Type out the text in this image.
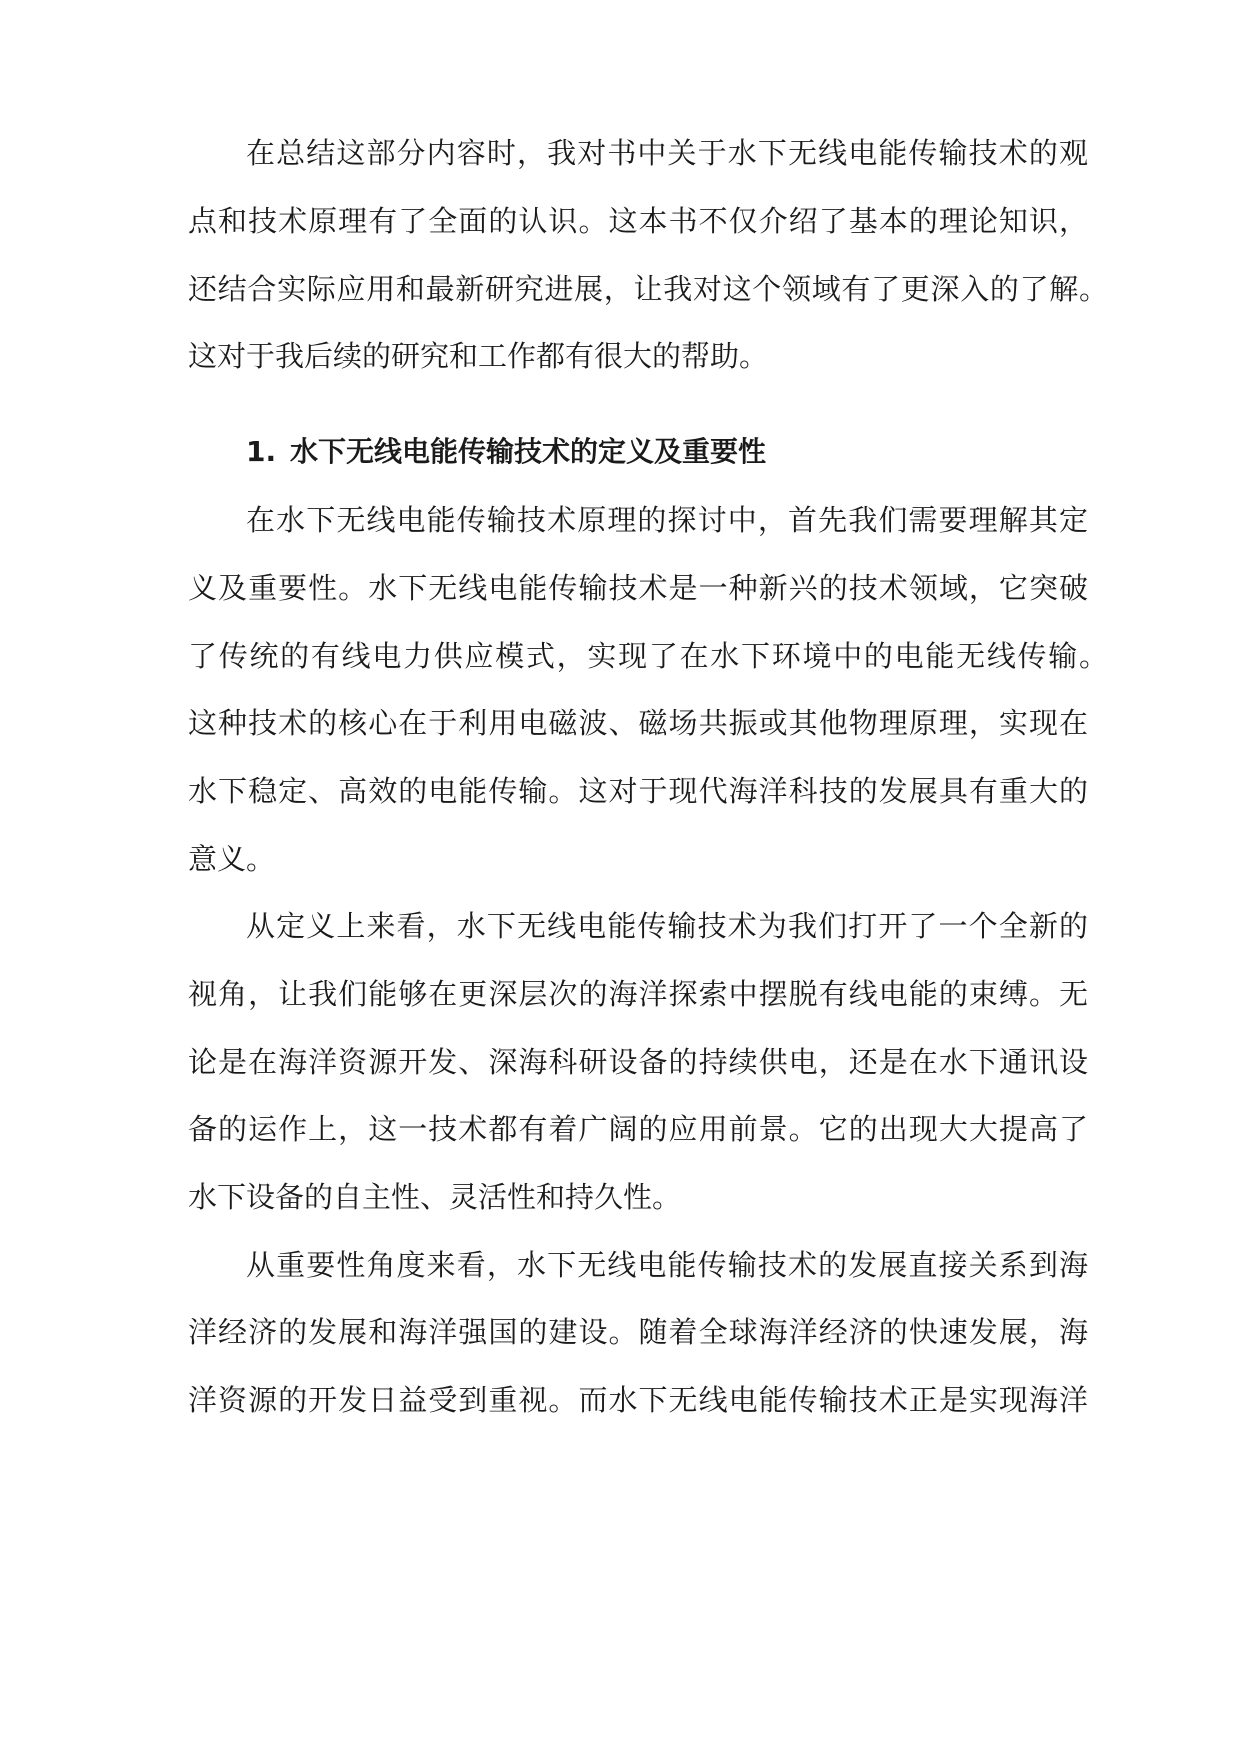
在总结这部分内容时，我对书中关于水下无线电能传输技术的观
点和技术原理有了全面的认识。这本书不仅介绍了基本的理论知识，
还结合实际应用和最新研究进展，让我对这个领域有了更深入的了解。
这对于我后续的研究和工作都有很大的帮助。
1. 水下无线电能传输技术的定义及重要性
在水下无线电能传输技术原理的探讨中，首先我们需要理解其定
义及重要性。水下无线电能传输技术是一种新兴的技术领域，它突破
了传统的有线电力供应模式，实现了在水下环境中的电能无线传输。
这种技术的核心在于利用电磁波、磁场共振或其他物理原理，实现在
水下稳定、高效的电能传输。这对于现代海洋科技的发展具有重大的
意义。
从定义上来看，水下无线电能传输技术为我们打开了一个全新的
视角，让我们能够在更深层次的海洋探索中摆脱有线电能的束缚。无
论是在海洋资源开发、深海科研设备的持续供电，还是在水下通讯设
备的运作上，这一技术都有着广阔的应用前景。它的出现大大提高了
水下设备的自主性、灵活性和持久性。
从重要性角度来看，水下无线电能传输技术的发展直接关系到海
洋经济的发展和海洋强国的建设。随着全球海洋经济的快速发展，海
洋资源的开发日益受到重视。而水下无线电能传输技术正是实现海洋
